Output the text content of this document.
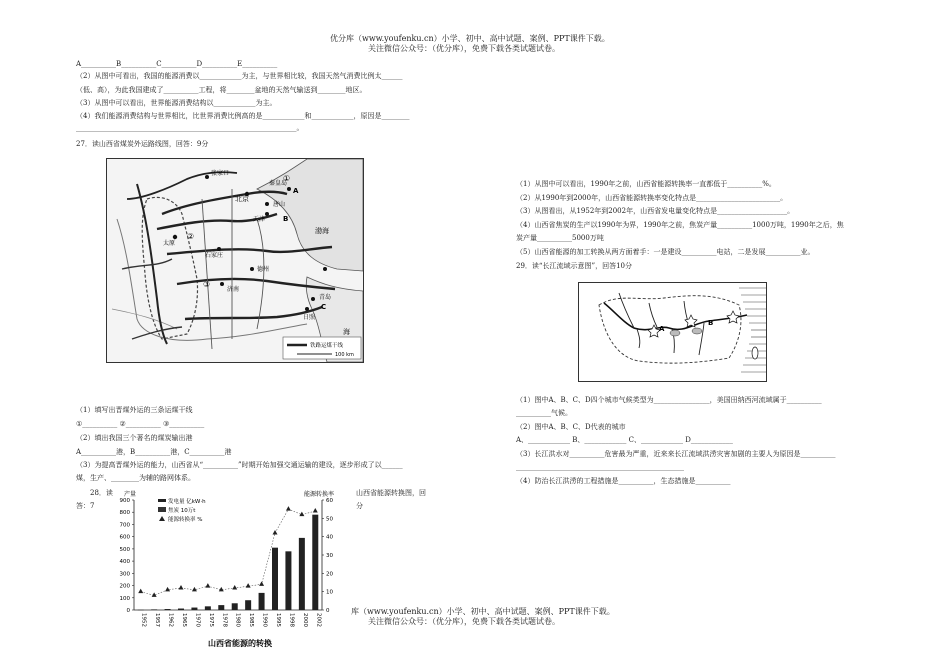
优分库（www.youfenku.cn）小学、初中、高中试题、案例、PPT课件下载。
关注微信公众号：（优分库），免费下载各类试题试卷。
A__________B__________C__________D__________E__________
（2）从图中可看出，我国的能源消费以____________为主，与世界相比较，我国天然气消费比例太______
（低、高），为此我国建成了__________工程，将________盆地的天然气输送到________地区。
（3）从图中可以看出，世界能源消费结构以____________为主。
（4）我们能源消费结构与世界相比，比世界消费比例高的是____________和____________，原因是________
_______________________________________________________________。
27．读山西省煤炭外运路线图，回答：9分
张家口
北京
唐山
秦皇岛
天津
石家庄
德州
济南
太原
青岛
日照
渤海
海
①
②
③
A
B
C
铁路运煤干线
100 km
（1）填写出晋煤外运的三条运煤干线
①__________ ②__________ ③__________
（2）填出我国三个著名的煤炭输出港
A__________港，B__________港，C__________港
（3）为提高晋煤外运的能力，山西省从“__________”时期开始加强交通运输的建设，逐步形成了以______
煤，生产、________为辅的路网体系。
28．读
答：7
山西省能源转换图，回
分
产量	能源转换率
0
100
200
300
400
500
600
700
800
900
0
10
20
30
40
50
60
1952 1957 1962 1965 1970 1975 1978 1980 1985 1990 1995 1998 2000 2002
发电量 亿kW·h
焦炭 10万t
能源转换率 %
山西省能源的转换
（1）从图中可以看出，1990年之前，山西省能源转换率一直都低于__________%。
（2）从1990年到2000年，山西省能源转换率变化特点是________________________。
（3）从图看出，从1952年到2002年，山西省发电量变化特点是____________________。
（4）山西省焦炭的生产以1990年为界，1990年之前，焦炭产量__________1000万吨，1990年之后，焦
炭产量__________5000万吨
（5）山西省能源的加工转换从两方面着手：一是建设__________电站，二是发展__________业。
29．读“长江流域示意图”，回答10分
A
B
（1）图中A、B、C、D四个城市气候类型为________________，美国田纳西河流域属于__________
__________气候。
（2）图中A、B、C、D代表的城市
A、____________ B、____________ C、____________ D____________
（3）长江洪水对__________危害最为严重，近来来长江流域洪涝灾害加剧的主要人为原因是__________
________________________________________________
（4）防治长江洪涝的工程措施是__________，生态措施是__________
库（www.youfenku.cn）小学、初中、高中试题、案例、PPT课件下载。
关注微信公众号：（优分库），免费下载各类试题试卷。
